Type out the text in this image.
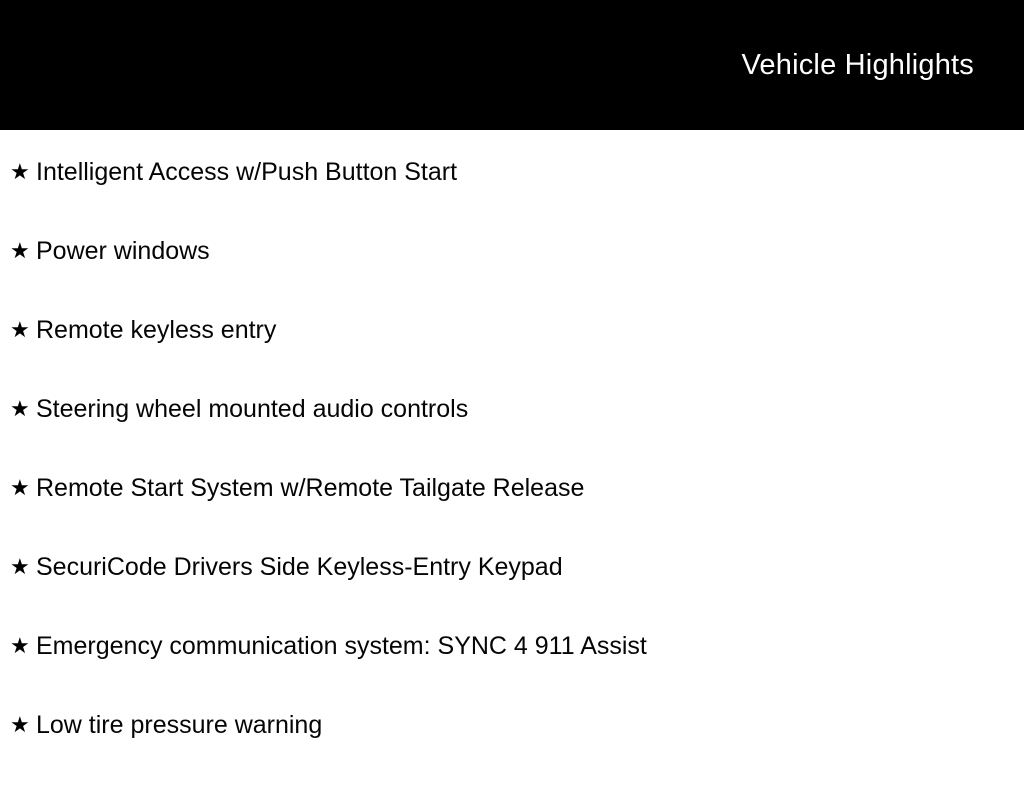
Vehicle Highlights
★ Intelligent Access w/Push Button Start
★ Power windows
★ Remote keyless entry
★ Steering wheel mounted audio controls
★ Remote Start System w/Remote Tailgate Release
★ SecuriCode Drivers Side Keyless-Entry Keypad
★ Emergency communication system: SYNC 4 911 Assist
★ Low tire pressure warning
